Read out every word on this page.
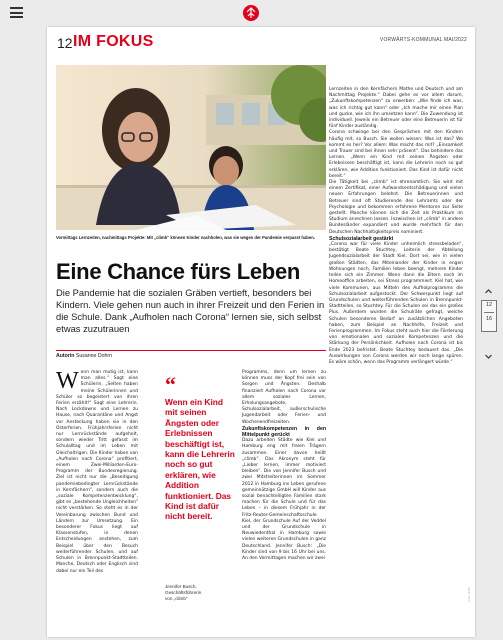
12 IM FOKUS	VORWÄRTS-KOMMUNAL MAI/2022
Vormittags Lernzeiten, nachmittags Projekte: Mit „climb“ können Kinder nachholen, was sie wegen der Pandemie verpasst haben.
Foto: climb
Eine Chance fürs Leben

Die Pandemie hat die sozialen Gräben vertieft, besonders bei Kindern. Viele gehen nun auch in ihrer Freizeit und den Ferien in die Schule. Dank „Aufholen nach Corona“ lernen sie, sich selbst etwas zuzutrauen

Autorin Susanne Dohrn
Wenn man mutig ist, kann man alles.“ Sagt eine Schülerin. „Selten haben meine Schülerinnen und Schüler so begeistert von ihren Ferien erzählt!“ Sagt eine Lehrerin. Nach Lockdowns und Lernen zu Hause, nach Quarantäne und Angst vor Ansteckung haben sie in den Osterferien. Frühjahrsferien nicht nur Lernrückstände aufgeholt, sondern wieder Tritt gefasst im Schulalltag und im Leben mit Gleichaltrigen. Die Kinder haben von „Aufholen nach Corona“ profitiert, einem Zwei-Milliarden-Euro-Programm der Bundesregierung. Ziel ist nicht nur die „Beseitigung pandemiebedingter Lernrückstände in Kernfächern“, sondern auch die „soziale Kompetenzentwicklung“, gibt es „bestehende Ungleichheiten“ nicht verstärken. So steht es in der Vereinbarung zwischen Bund und Ländern zur Umsetzung. Ein besonderer Fokus liegt auf Klassenstufen, in denen Entscheidungen anstehen, zum Beispiel über den Besuch weiterführender Schulen, und auf Schulen in Brennpunkt-Stadtteilen. Manche, Deutsch oder Englisch sind dabei nur ein Teil des
“

Wenn ein Kind mit seinen Ängsten oder Erlebnissen beschäftigt ist, kann die Lehrerin noch so gut erklären, wie Addition funktioniert. Das Kind ist dafür nicht bereit.

Jennifer Busch,
Geschäftsführerin
von „climb“
Programms, denn um lernen zu können muss der Kopf frei sein von Sorgen und Ängsten. Deshalb finanziert Aufholen nach Corona vor allem soziales Lernen, Erholungsangebote, Schulsozialarbeit, außerschulische Jugendarbeit oder Ferien- und Wochenendfreizeiten.
Zukunftskompetenzen in den Mittelpunkt gerückt
Dazu arbeiten Städte wie Kiel und Hamburg eng mit freien Trägern zusammen. Einer davon heißt „climb“. Das Akronym steht für „Lieber lernen, immer motiviert bleiben“. Die von Jennifer Busch und zwei Mitstreiterinnen im Sommer 2012 in Hamburg ins Leben gerufene gemeinnützige GmbH will Kinder aus sozial benachteiligten Familien stark machen für die Schule und für das Leben – in diesem Frühjahr in der Fritz-Reuter-Gemeinschaftsschule Kiel, der Grundschule Auf der Veddel und der Grundschule in Neuwiedenthal in Hamburg sowie vielen weiteren Grundschulen in ganz Deutschland. Jennifer Busch: „Die Kinder sind von 9 bis 16 Uhr bei uns. An den Vormittagen machen wir zwei
Lernzeiten in den Kernfächern Mathe und Deutsch und am Nachmittag Projekte.“ Dabei gehe es vor allem darum, „Zukunftskompetenzen“ zu erwerben: „Wie finde ich was, was ich richtig gut kann“ oder „Ich mache mir einen Plan und gucke, wie ich ihn umsetzen kann“. Die Zuwendung ist individuell. Jeweils ein Betreuer oder eine Betreuerin ist für fünf Kinder zuständig.
Corona schwinge bei den Gesprächen mit den Kindern häufig mit, so Busch. Sie wollen wissen: Was ist das? Wo kommt es her? Vor allem: Was macht das mit? „Einsamkeit und Trauer sind bei ihnen sehr präsent“. Das behindere das Lernen. „Wenn ein Kind mit seinen Ängsten oder Erlebnissen beschäftigt ist, kann die Lehrerin noch so gut erklären, wie Addition funktioniert. Das Kind ist dafür nicht bereit.“
Die Tätigkeit bei „climb“ ist ehrenamtlich. Sie wird mit einem Zertifikat, einer Aufwandsentschädigung und vielen neuen Erfahrungen belohnt. Die Betreuerinnen und Betreuer sind oft Studierende des Lehramts oder der Psychologie und bekommen erfahrene Mentoren zur Seite gestellt. Manche können sich die Zeit als Praktikum im Studium anrechnen lassen. Inzwischen ist „climb“ in andere Bundesländer expandiert und wurde mehrfach für den Deutschen Nachhaltigkeitspreis nominiert.
Schulsozialarbeit gestärkt
„Corona war für viele Kinder unheimlich stressbeladen“, bestätigt Beate Stuchtey, Leiterin der Abteilung Jugendsozialarbeit der Stadt Kiel. Dort sei, wie in vielen großen Städten, das Miteinander der Kinder in engen Wohnungen noch, Familien leben beengt, mehrere Kinder teilen sich ein Zimmer. Wenn dann die Eltern noch im Homeoffice arbeiten, sei Stress programmiert. Kiel hat, wie viele Kommunen, aus Mitteln des Aufholprogramms die Schulsozialarbeit aufgestockt. Der Schwerpunkt liegt auf Grundschulen und weiterführenden Schulen in Brennpunkt-Stadtteilen, so Stuchtey. Für die Schulen sei das ein großes Plus. Außerdem wurden die Schulräte gefragt, welche Schulen besonderen Bedarf an zusätzlichen Angeboten haben, zum Beispiel an Nachhilfe, Freizeit und Ferienprogrammen. Im Fokus steht auch hier die Förderung von emotionalen und sozialen Kompetenzen und die Stärkung der Persönlichkeit. Aufholen nach Corona ist bis Ende 2023 befristet. Beate Stuchtey bedauert das. „Die Auswirkungen von Corona werden wir noch lange spüren. Es wäre schön, wenn das Programm verlängert würde.“
12
16
